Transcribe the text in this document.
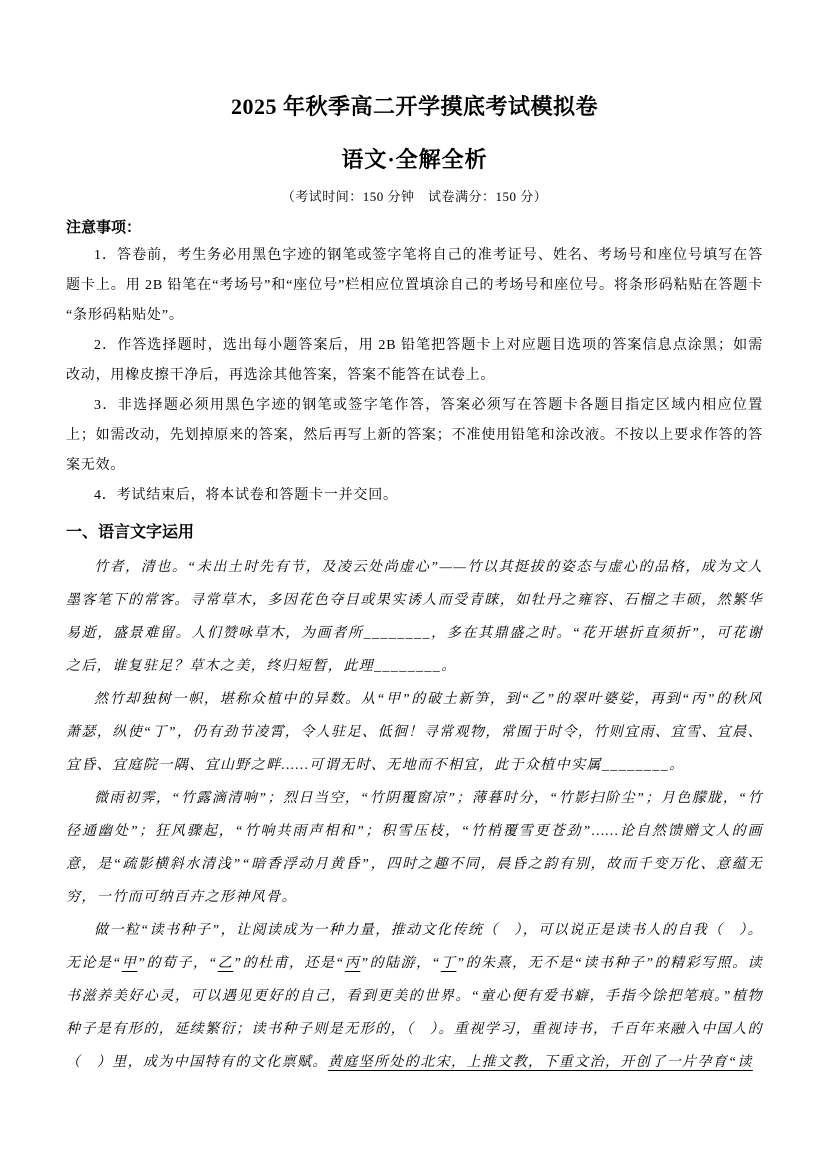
2025 年秋季高二开学摸底考试模拟卷
语文·全解全析

（考试时间：150 分钟　试卷满分：150 分）

注意事项：

1．答卷前，考生务必用黑色字迹的钢笔或签字笔将自己的准考证号、姓名、考场号和座位号填写在答题卡上。用 2B 铅笔在“考场号”和“座位号”栏相应位置填涂自己的考场号和座位号。将条形码粘贴在答题卡“条形码粘贴处”。

2．作答选择题时，选出每小题答案后，用 2B 铅笔把答题卡上对应题目选项的答案信息点涂黑；如需改动，用橡皮擦干净后，再选涂其他答案，答案不能答在试卷上。

3．非选择题必须用黑色字迹的钢笔或签字笔作答，答案必须写在答题卡各题目指定区域内相应位置上；如需改动，先划掉原来的答案，然后再写上新的答案；不准使用铅笔和涂改液。不按以上要求作答的答案无效。

4．考试结束后，将本试卷和答题卡一并交回。

一、语言文字运用

竹者，清也。“未出土时先有节，及凌云处尚虚心”——竹以其挺拔的姿态与虚心的品格，成为文人墨客笔下的常客。寻常草木，多因花色夺目或果实诱人而受青睐，如牡丹之雍容、石榴之丰硕，然繁华易逝，盛景难留。人们赞咏草木，为画者所________，多在其鼎盛之时。“花开堪折直须折”，可花谢之后，谁复驻足？草木之美，终归短暂，此理________。

然竹却独树一帜，堪称众植中的异数。从“甲”的破土新笋，到“乙”的翠叶婆娑，再到“丙”的秋风萧瑟，纵使“丁”，仍有劲节凌霄，令人驻足、低徊！寻常观物，常囿于时令，竹则宜雨、宜雪、宜晨、宜昏、宜庭院一隅、宜山野之畔……可谓无时、无地而不相宜，此于众植中实属________。

微雨初霁，“竹露滴清响”；烈日当空，“竹阴覆窗凉”；薄暮时分，“竹影扫阶尘”；月色朦胧，“竹径通幽处”；狂风骤起，“竹响共雨声相和”；积雪压枝，“竹梢覆雪更苍劲”……论自然馈赠文人的画意，是“疏影横斜水清浅”“暗香浮动月黄昏”，四时之趣不同，晨昏之韵有别，故而千变万化、意蕴无穷，一竹而可纳百卉之形神风骨。

做一粒“读书种子”，让阅读成为一种力量，推动文化传统（　），可以说正是读书人的自我（　）。无论是“甲”的荀子，“乙”的杜甫，还是“丙”的陆游，“丁”的朱熹，无不是“读书种子”的精彩写照。读书滋养美好心灵，可以遇见更好的自己，看到更美的世界。“童心便有爱书癖，手指今馀把笔痕。”植物种子是有形的，延续繁衍；读书种子则是无形的，（　）。重视学习，重视诗书，千百年来融入中国人的（　）里，成为中国特有的文化禀赋。黄庭坚所处的北宋，上推文教，下重文治，开创了一片孕育“读
